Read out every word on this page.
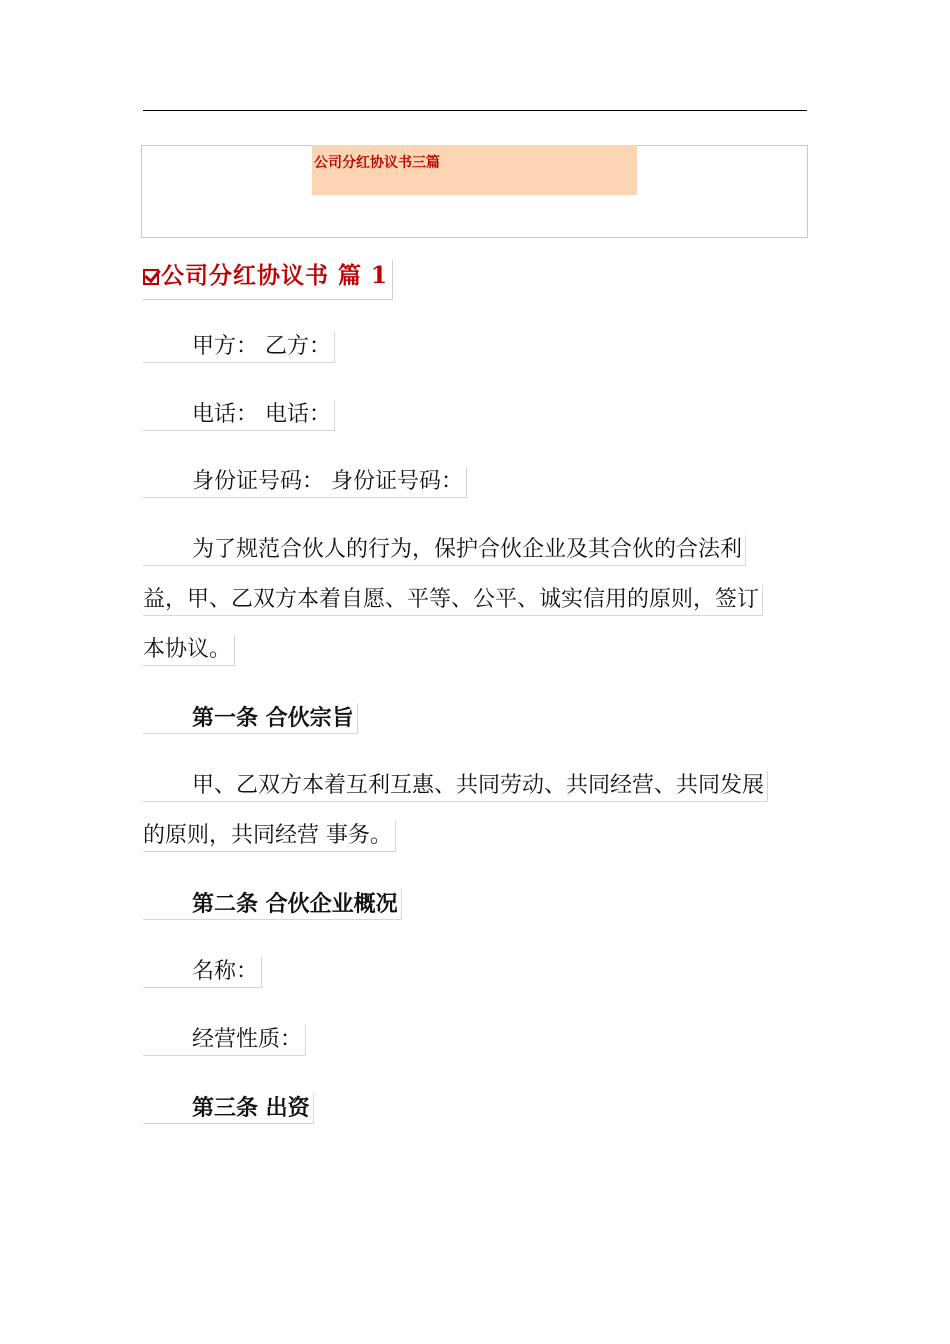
公司分红协议书三篇
公司分红协议书 篇 1
甲方： 乙方：
电话： 电话：
身份证号码： 身份证号码：
为了规范合伙人的行为，保护合伙企业及其合伙的合法利
益，甲、乙双方本着自愿、平等、公平、诚实信用的原则，签订
本协议。
第一条 合伙宗旨
甲、乙双方本着互利互惠、共同劳动、共同经营、共同发展
的原则，共同经营 事务。
第二条 合伙企业概况
名称：
经营性质：
第三条 出资
